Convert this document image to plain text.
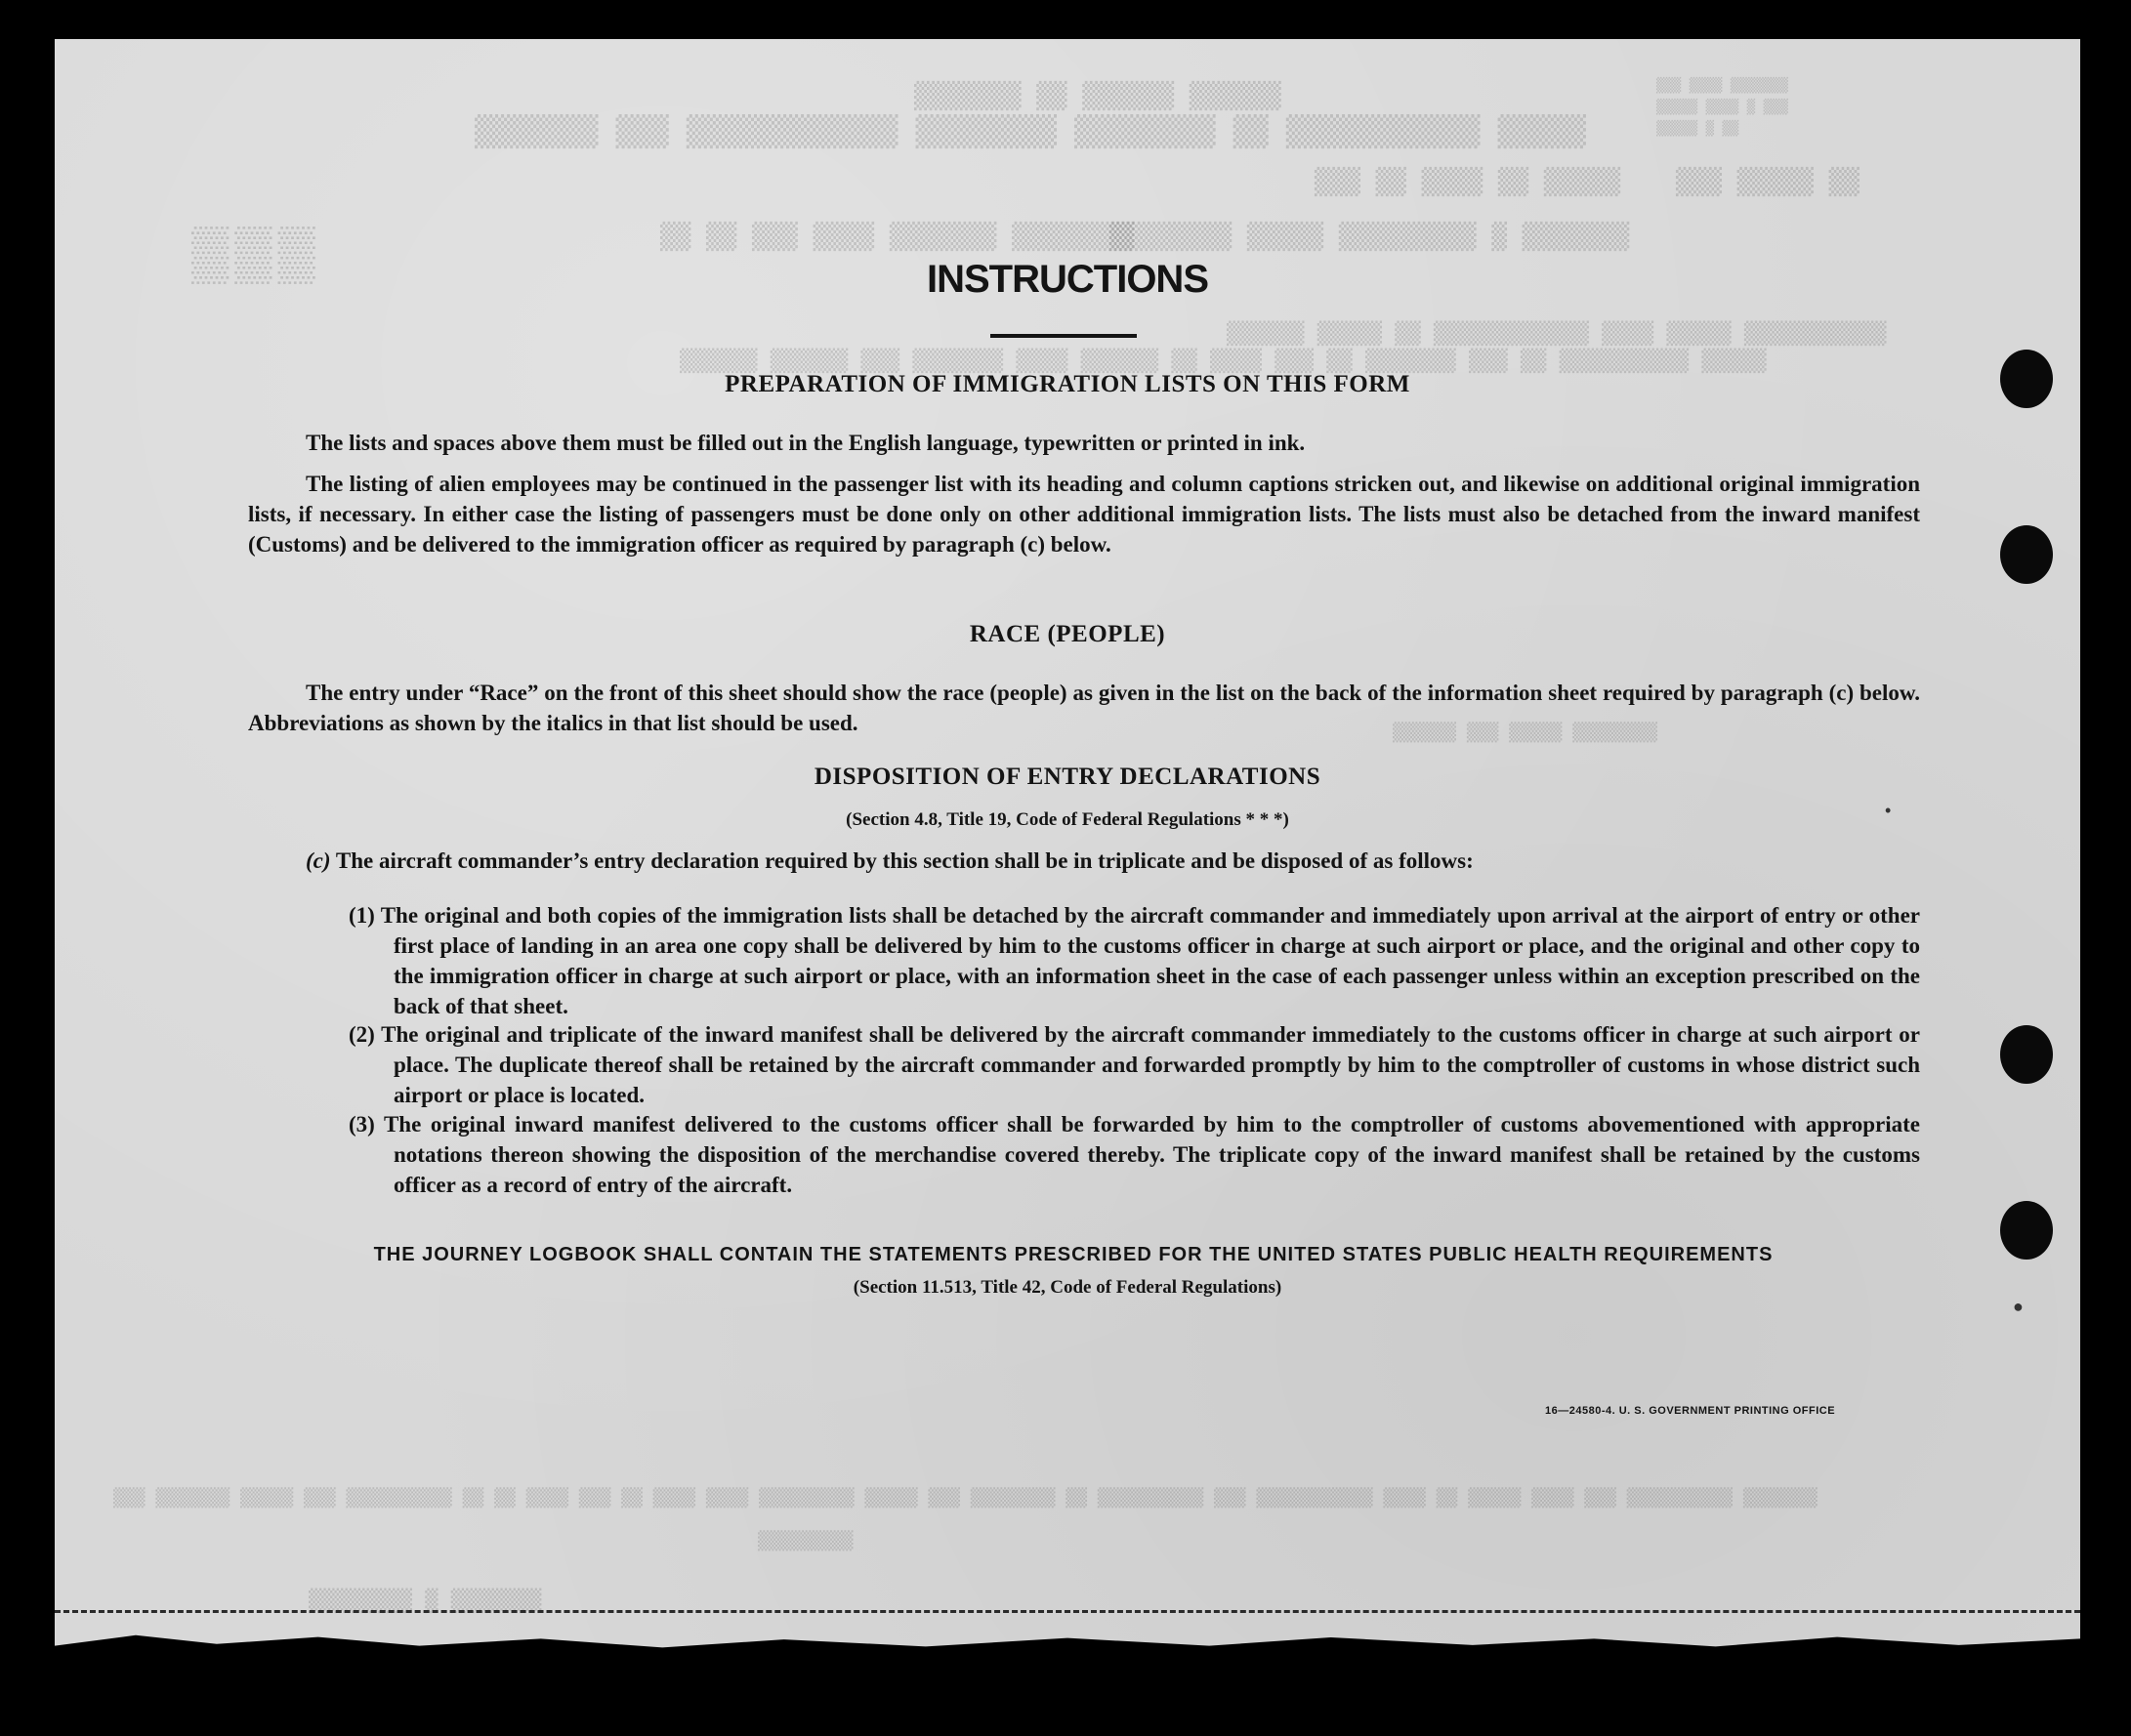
▒▒▒▒▒▒ ▒▒▒▒▒▒ ▒▒ ▒▒▒▒▒▒▒
▒▒▒▒▒ ▒▒▒▒▒▒▒▒▒▒▒ ▒▒ ▒▒▒▒▒▒▒▒ ▒▒▒▒▒▒▒▒ ▒▒▒▒▒▒▒▒▒▒▒▒ ▒▒▒ ▒▒▒▒▒▒▒
▒▒▒▒▒▒▒ ▒▒▒▒ ▒▒▒
▒▒▒ ▒ ▒▒▒▒ ▒▒▒▒▒
▒▒ ▒ ▒▒▒▒▒
▒▒ ▒▒▒▒▒ ▒▒▒
▒▒▒▒▒ ▒▒ ▒▒▒▒ ▒▒ ▒▒▒
▒▒▒▒▒▒▒ ▒ ▒▒▒▒▒▒▒▒▒ ▒▒▒▒▒ ▒▒▒▒▒▒▒▒
▒▒▒▒▒▒▒▒ ▒▒▒▒▒▒▒ ▒▒▒▒ ▒▒▒ ▒▒ ▒▒
▒▒▒▒▒▒▒▒▒▒▒ ▒▒▒▒▒ ▒▒▒▒ ▒▒▒▒▒▒▒▒▒▒▒▒ ▒▒ ▒▒▒▒▒ ▒▒▒▒▒▒
▒▒▒▒▒ ▒▒▒▒▒▒▒▒▒▒ ▒▒ ▒▒▒ ▒▒▒▒▒▒▒ ▒▒ ▒▒▒ ▒▒▒▒ ▒▒ ▒▒▒▒▒▒ ▒▒▒▒ ▒▒▒▒▒▒▒ ▒▒▒ ▒▒▒▒▒▒ ▒▒▒▒▒▒
▒▒▒▒▒▒▒▒ ▒▒▒▒▒ ▒▒▒ ▒▒▒▒▒▒
▒▒▒▒▒▒▒ ▒▒▒▒▒▒▒▒▒▒ ▒▒▒ ▒▒▒▒ ▒▒▒▒▒ ▒▒ ▒▒▒▒ ▒▒▒▒▒▒▒▒▒▒▒ ▒▒▒ ▒▒▒▒▒▒▒▒▒▒ ▒▒ ▒▒▒▒▒▒▒▒ ▒▒▒ ▒▒▒▒▒ ▒▒▒▒▒▒▒▒▒ ▒▒▒▒ ▒▒▒▒ ▒▒ ▒▒▒ ▒▒▒▒ ▒▒ ▒▒ ▒▒▒▒▒▒▒▒▒▒ ▒▒▒ ▒▒▒▒▒ ▒▒▒▒▒▒▒ ▒▒▒
▒▒▒▒▒▒▒▒▒
▒▒▒▒▒▒▒ ▒ ▒▒▒▒▒▒▒▒
▒▒▒
●
•
INSTRUCTIONS
PREPARATION OF IMMIGRATION LISTS ON THIS FORM
The lists and spaces above them must be filled out in the English language, typewritten or printed in ink.
The listing of alien employees may be continued in the passenger list with its heading and column captions stricken out, and likewise on additional original immigration lists, if necessary. In either case the listing of passengers must be done only on other additional immigration lists. The lists must also be detached from the inward manifest (Customs) and be delivered to the immigration officer as required by paragraph (c) below.
RACE (PEOPLE)
The entry under “Race” on the front of this sheet should show the race (people) as given in the list on the back of the information sheet required by paragraph (c) below. Abbreviations as shown by the italics in that list should be used.
DISPOSITION OF ENTRY DECLARATIONS
(Section 4.8, Title 19, Code of Federal Regulations * * *)
(c) The aircraft commander’s entry declaration required by this section shall be in triplicate and be disposed of as follows:
(1) The original and both copies of the immigration lists shall be detached by the aircraft commander and immediately upon arrival at the airport of entry or other first place of landing in an area one copy shall be delivered by him to the customs officer in charge at such airport or place, and the original and other copy to the immigration officer in charge at such airport or place, with an information sheet in the case of each passenger unless within an exception prescribed on the back of that sheet.
(2) The original and triplicate of the inward manifest shall be delivered by the aircraft commander immediately to the customs officer in charge at such airport or place. The duplicate thereof shall be retained by the aircraft commander and forwarded promptly by him to the comptroller of customs in whose district such airport or place is located.
(3) The original inward manifest delivered to the customs officer shall be forwarded by him to the comptroller of customs abovementioned with appropriate notations thereon showing the disposition of the merchandise covered thereby. The triplicate copy of the inward manifest shall be retained by the customs officer as a record of entry of the aircraft.
THE JOURNEY LOGBOOK SHALL CONTAIN THE STATEMENTS PRESCRIBED FOR THE UNITED STATES PUBLIC HEALTH REQUIREMENTS
(Section 11.513, Title 42, Code of Federal Regulations)
16—24580-4. U. S. GOVERNMENT PRINTING OFFICE
